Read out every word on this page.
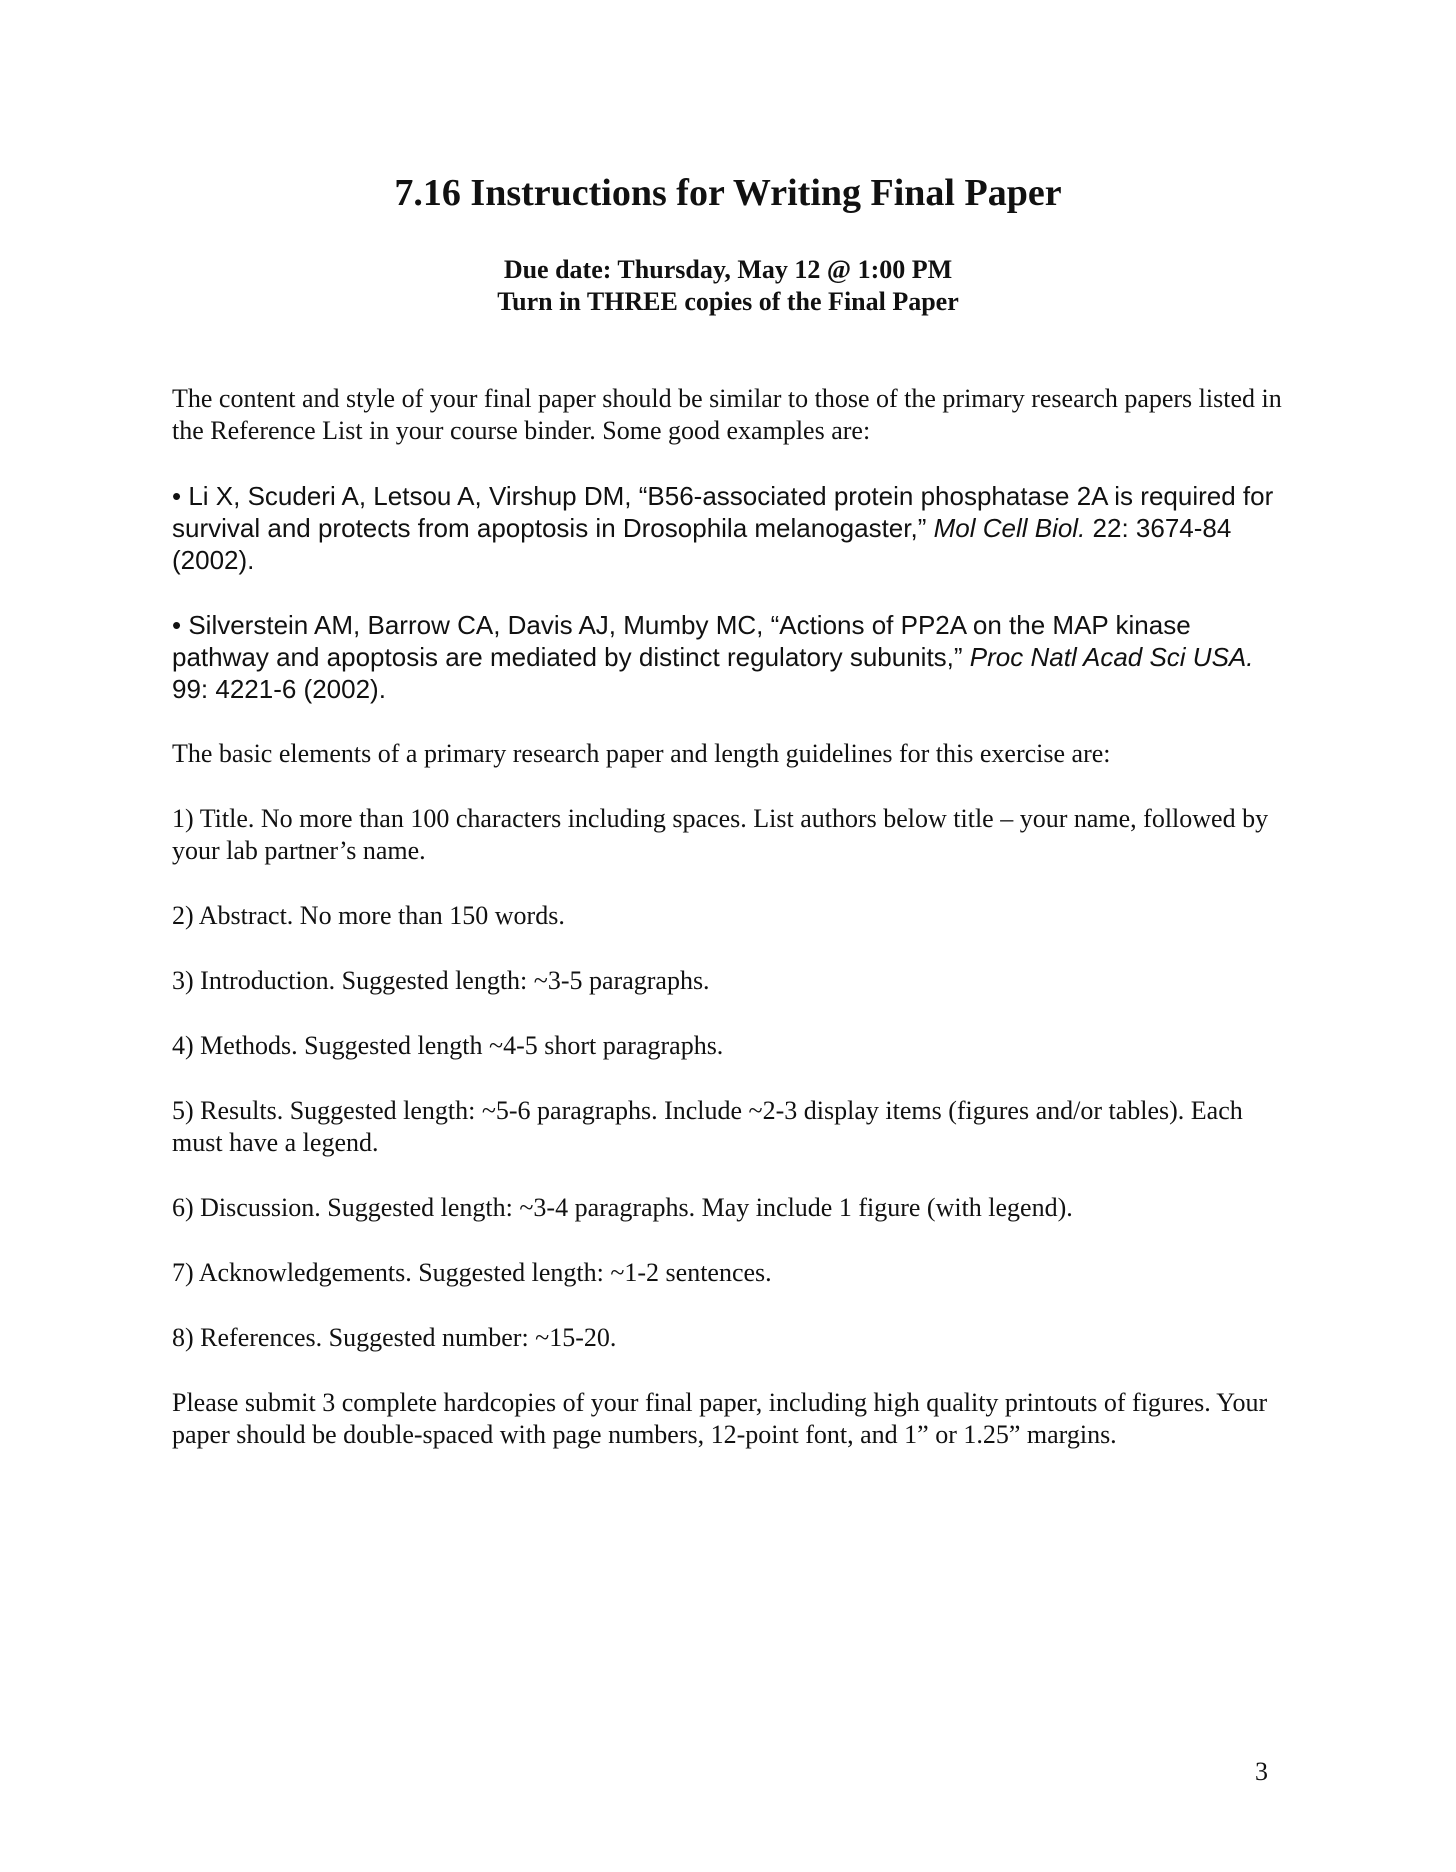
7.16 Instructions for Writing Final Paper
Due date: Thursday, May 12 @ 1:00 PM
Turn in THREE copies of the Final Paper

The content and style of your final paper should be similar to those of the primary research papers listed in the Reference List in your course binder. Some good examples are:

• Li X, Scuderi A, Letsou A, Virshup DM, “B56-associated protein phosphatase 2A is required for survival and protects from apoptosis in Drosophila melanogaster,” Mol Cell Biol. 22: 3674-84 (2002).

• Silverstein AM, Barrow CA, Davis AJ, Mumby MC, “Actions of PP2A on the MAP kinase pathway and apoptosis are mediated by distinct regulatory subunits,” Proc Natl Acad Sci USA. 99: 4221-6 (2002).

The basic elements of a primary research paper and length guidelines for this exercise are:

1) Title. No more than 100 characters including spaces. List authors below title – your name, followed by your lab partner’s name.

2) Abstract. No more than 150 words.

3) Introduction. Suggested length: ~3-5 paragraphs.

4) Methods. Suggested length ~4-5 short paragraphs.

5) Results. Suggested length: ~5-6 paragraphs. Include ~2-3 display items (figures and/or tables). Each must have a legend.

6) Discussion. Suggested length: ~3-4 paragraphs. May include 1 figure (with legend).

7) Acknowledgements. Suggested length: ~1-2 sentences.

8) References. Suggested number: ~15-20.

Please submit 3 complete hardcopies of your final paper, including high quality printouts of figures. Your paper should be double-spaced with page numbers, 12-point font, and 1” or 1.25” margins.

3
